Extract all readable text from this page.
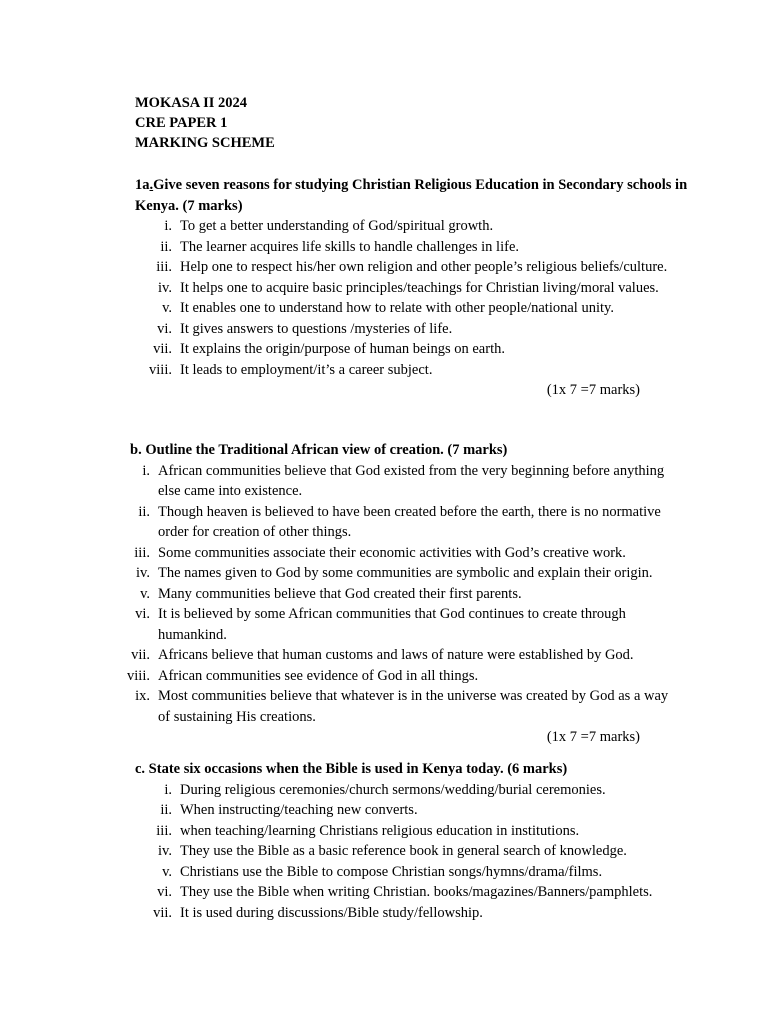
MOKASA II 2024
CRE PAPER 1
MARKING SCHEME
1a.Give seven reasons for studying Christian Religious Education in Secondary schools in Kenya. (7 marks)
i. To get a better understanding of God/spiritual growth.
ii. The learner acquires life skills to handle challenges in life.
iii. Help one to respect his/her own religion and other people’s religious beliefs/culture.
iv. It helps one to acquire basic principles/teachings for Christian living/moral values.
v. It enables one to understand how to relate with other people/national unity.
vi. It gives answers to questions /mysteries of life.
vii. It explains the origin/purpose of human beings on earth.
viii. It leads to employment/it’s a career subject.
(1x 7 =7 marks)
b. Outline the Traditional African view of creation. (7 marks)
i. African communities believe that God existed from the very beginning before anything else came into existence.
ii. Though heaven is believed to have been created before the earth, there is no normative order for creation of other things.
iii. Some communities associate their economic activities with God’s creative work.
iv. The names given to God by some communities are symbolic and explain their origin.
v. Many communities believe that God created their first parents.
vi. It is believed by some African communities that God continues to create through humankind.
vii. Africans believe that human customs and laws of nature were established by God.
viii. African communities see evidence of God in all things.
ix. Most communities believe that whatever is in the universe was created by God as a way of sustaining His creations.
(1x 7 =7 marks)
c. State six occasions when the Bible is used in Kenya today. (6 marks)
i. During religious ceremonies/church sermons/wedding/burial ceremonies.
ii. When instructing/teaching new converts.
iii. when teaching/learning Christians religious education in institutions.
iv. They use the Bible as a basic reference book in general search of knowledge.
v. Christians use the Bible to compose Christian songs/hymns/drama/films.
vi. They use the Bible when writing Christian. books/magazines/Banners/pamphlets.
vii. It is used during discussions/Bible study/fellowship.
